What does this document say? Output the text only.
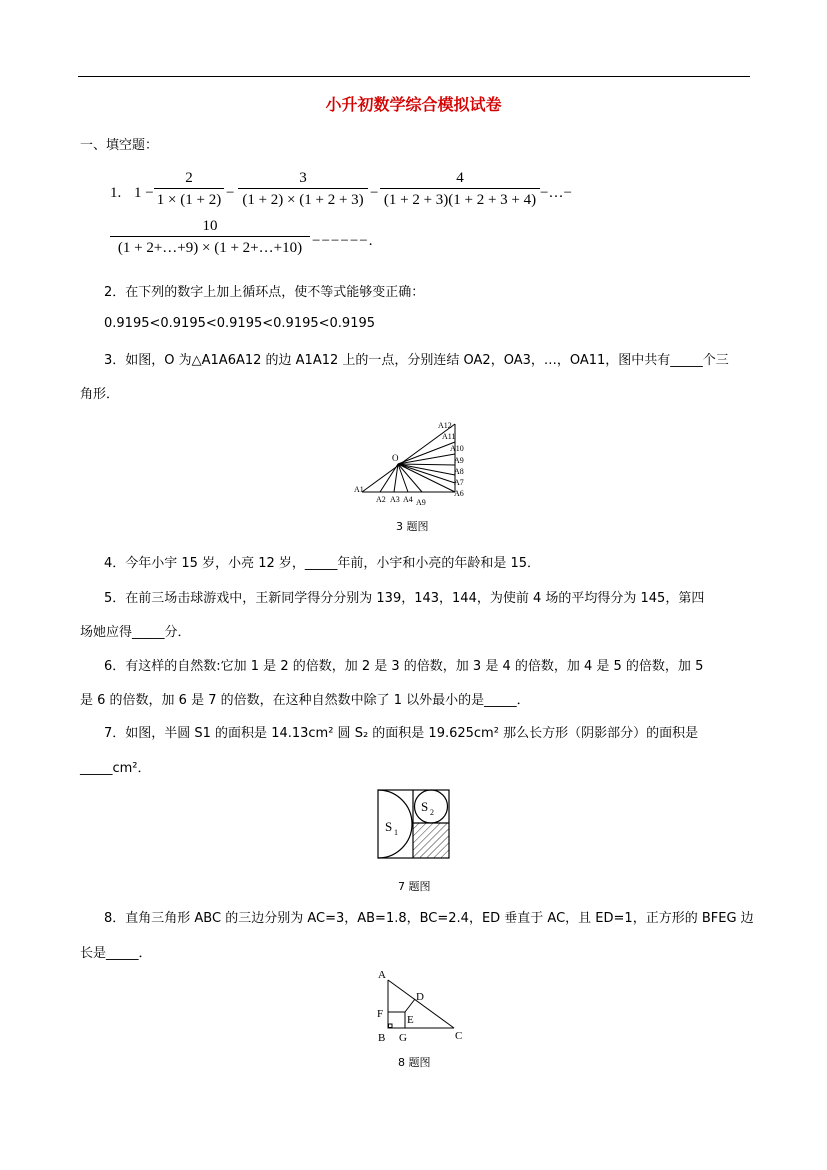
小升初数学综合模拟试卷
一、填空题：
1. 1 −
2
1 × (1 + 2) −
3
(1 + 2) × (1 + 2 + 3) −
4
(1 + 2 + 3)(1 + 2 + 3 + 4) −…−
10
(1 + 2+…+9) × (1 + 2+…+10) −−−−−−.
2．在下列的数字上加上循环点，使不等式能够变正确：
0.9195<0.9195<0.9195<0.9195<0.9195
3．如图，O 为△A1A6A12 的边 A1A12 上的一点，分别连结 OA2，OA3，…，OA11，图中共有_____个三
角形．
A12
A11
A10
A9
A8
A7
A6
O
A1
A2 A3 A4 A9
3 题图
4．今年小宇 15 岁，小亮 12 岁，_____年前，小宇和小亮的年龄和是 15．
5．在前三场击球游戏中，王新同学得分分别为 139，143，144，为使前 4 场的平均得分为 145，第四
场她应得_____分．
6．有这样的自然数:它加 1 是 2 的倍数，加 2 是 3 的倍数，加 3 是 4 的倍数，加 4 是 5 的倍数，加 5
是 6 的倍数，加 6 是 7 的倍数，在这种自然数中除了 1 以外最小的是_____．
7．如图，半圆 S1 的面积是 14.13cm² 圆 S₂ 的面积是 19.625cm² 那么长方形（阴影部分）的面积是
_____cm²．
S 1
S 2
7 题图
8．直角三角形 ABC 的三边分别为 AC=3，AB=1.8，BC=2.4，ED 垂直于 AC，且 ED=1，正方形的 BFEG 边
长是_____．
A
B	C
D
E
F
G
8 题图
